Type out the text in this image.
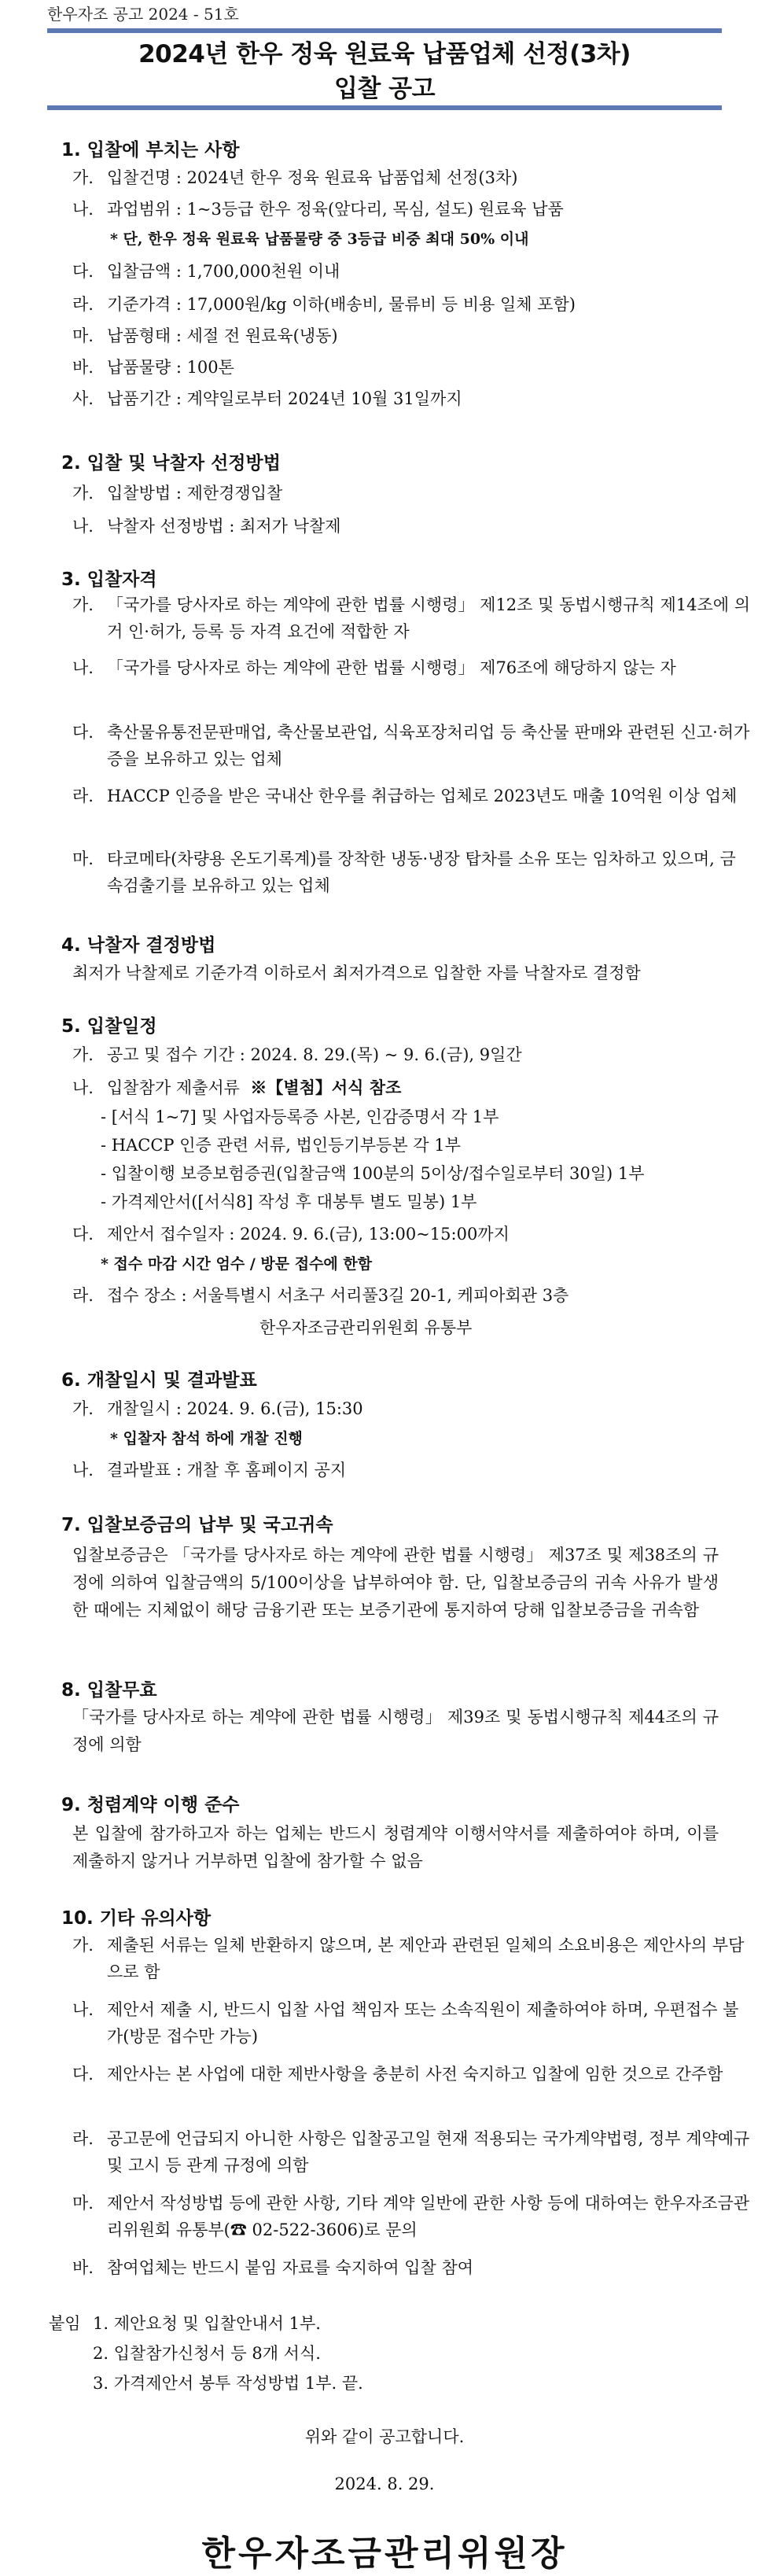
한우자조 공고 2024 - 51호
2024년 한우 정육 원료육 납품업체 선정(3차)
입찰 공고
1. 입찰에 부치는 사항
가. 입찰건명 : 2024년 한우 정육 원료육 납품업체 선정(3차)
나. 과업범위 : 1~3등급 한우 정육(앞다리, 목심, 설도) 원료육 납품
* 단, 한우 정육 원료육 납품물량 중 3등급 비중 최대 50% 이내
다. 입찰금액 : 1,700,000천원 이내
라. 기준가격 : 17,000원/kg 이하(배송비, 물류비 등 비용 일체 포함)
마. 납품형태 : 세절 전 원료육(냉동)
바. 납품물량 : 100톤
사. 납품기간 : 계약일로부터 2024년 10월 31일까지
2. 입찰 및 낙찰자 선정방법
가. 입찰방법 : 제한경쟁입찰
나. 낙찰자 선정방법 : 최저가 낙찰제
3. 입찰자격
가. 「국가를 당사자로 하는 계약에 관한 법률 시행령」 제12조 및 동법시행규칙 제14조에 의거 인·허가, 등록 등 자격 요건에 적합한 자
나. 「국가를 당사자로 하는 계약에 관한 법률 시행령」 제76조에 해당하지 않는 자
다. 축산물유통전문판매업, 축산물보관업, 식육포장처리업 등 축산물 판매와 관련된 신고·허가증을 보유하고 있는 업체
라. HACCP 인증을 받은 국내산 한우를 취급하는 업체로 2023년도 매출 10억원 이상 업체
마. 타코메타(차량용 온도기록계)를 장착한 냉동·냉장 탑차를 소유 또는 임차하고 있으며, 금속검출기를 보유하고 있는 업체
4. 낙찰자 결정방법
최저가 낙찰제로 기준가격 이하로서 최저가격으로 입찰한 자를 낙찰자로 결정함
5. 입찰일정
가. 공고 및 접수 기간 : 2024. 8. 29.(목) ~ 9. 6.(금), 9일간
나. 입찰참가 제출서류 ※【별첨】서식 참조
- [서식 1~7] 및 사업자등록증 사본, 인감증명서 각 1부
- HACCP 인증 관련 서류, 법인등기부등본 각 1부
- 입찰이행 보증보험증권(입찰금액 100분의 5이상/접수일로부터 30일) 1부
- 가격제안서([서식8] 작성 후 대봉투 별도 밀봉) 1부
다. 제안서 접수일자 : 2024. 9. 6.(금), 13:00~15:00까지
* 접수 마감 시간 엄수 / 방문 접수에 한함
라. 접수 장소 : 서울특별시 서초구 서리풀3길 20-1, 케피아회관 3층
한우자조금관리위원회 유통부
6. 개찰일시 및 결과발표
가. 개찰일시 : 2024. 9. 6.(금), 15:30
* 입찰자 참석 하에 개찰 진행
나. 결과발표 : 개찰 후 홈페이지 공지
7. 입찰보증금의 납부 및 국고귀속
입찰보증금은 「국가를 당사자로 하는 계약에 관한 법률 시행령」 제37조 및 제38조의 규정에 의하여 입찰금액의 5/100이상을 납부하여야 함. 단, 입찰보증금의 귀속 사유가 발생한 때에는 지체없이 해당 금융기관 또는 보증기관에 통지하여 당해 입찰보증금을 귀속함
8. 입찰무효
「국가를 당사자로 하는 계약에 관한 법률 시행령」 제39조 및 동법시행규칙 제44조의 규정에 의함
9. 청렴계약 이행 준수
본 입찰에 참가하고자 하는 업체는 반드시 청렴계약 이행서약서를 제출하여야 하며, 이를 제출하지 않거나 거부하면 입찰에 참가할 수 없음
10. 기타 유의사항
가. 제출된 서류는 일체 반환하지 않으며, 본 제안과 관련된 일체의 소요비용은 제안사의 부담으로 함
나. 제안서 제출 시, 반드시 입찰 사업 책임자 또는 소속직원이 제출하여야 하며, 우편접수 불가(방문 접수만 가능)
다. 제안사는 본 사업에 대한 제반사항을 충분히 사전 숙지하고 입찰에 임한 것으로 간주함
라. 공고문에 언급되지 아니한 사항은 입찰공고일 현재 적용되는 국가계약법령, 정부 계약예규 및 고시 등 관계 규정에 의함
마. 제안서 작성방법 등에 관한 사항, 기타 계약 일반에 관한 사항 등에 대하여는 한우자조금관리위원회 유통부(☎ 02-522-3606)로 문의
바. 참여업체는 반드시 붙임 자료를 숙지하여 입찰 참여
붙임 1. 제안요청 및 입찰안내서 1부.
2. 입찰참가신청서 등 8개 서식.
3. 가격제안서 봉투 작성방법 1부. 끝.
위와 같이 공고합니다.
2024. 8. 29.
한우자조금관리위원장
